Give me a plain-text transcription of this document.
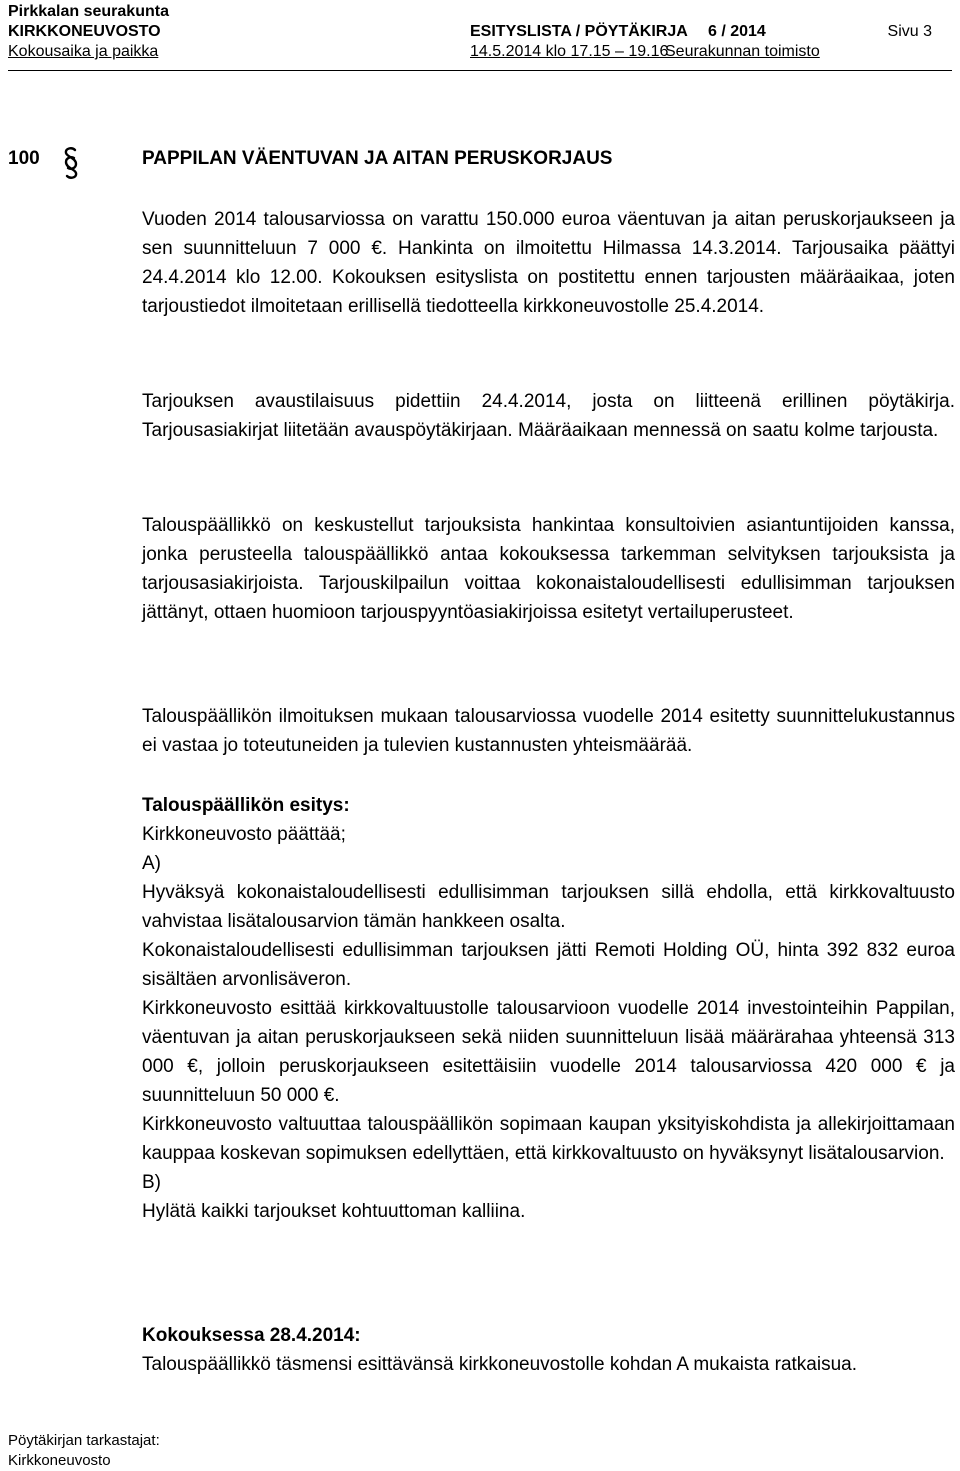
Pirkkalan seurakunta
KIRKKONEUVOSTO	ESITYSLISTA / PÖYTÄKIRJA 6 / 2014	Sivu 3
Kokousaika ja paikka	14.5.2014 klo 17.15 – 19.16
Seurakunnan toimisto
100	PAPPILAN VÄENTUVAN JA AITAN PERUSKORJAUS

Vuoden 2014 talousarviossa on varattu 150.000 euroa väentuvan ja aitan peruskorjaukseen ja sen suunnitteluun 7 000 €. Hankinta on ilmoitettu Hilmassa 14.3.2014. Tarjousaika päättyi 24.4.2014 klo 12.00. Kokouksen esityslista on postitettu ennen tarjousten määräaikaa, joten tarjoustiedot ilmoitetaan erillisellä tiedotteella kirkkoneuvostolle 25.4.2014.

Tarjouksen avaustilaisuus pidettiin 24.4.2014, josta on liitteenä erillinen pöytäkirja. Tarjousasiakirjat liitetään avauspöytäkirjaan. Määräaikaan mennessä on saatu kolme tarjousta.

Talouspäällikkö on keskustellut tarjouksista hankintaa konsultoivien asiantuntijoiden kanssa, jonka perusteella talouspäällikkö antaa kokouksessa tarkemman selvityksen tarjouksista ja tarjousasiakirjoista. Tarjouskilpailun voittaa kokonaistaloudellisesti edullisimman tarjouksen jättänyt, ottaen huomioon tarjouspyyntöasiakirjoissa esitetyt vertailuperusteet.

Talouspäällikön ilmoituksen mukaan talousarviossa vuodelle 2014 esitetty suunnittelukustannus ei vastaa jo toteutuneiden ja tulevien kustannusten yhteismäärää.

Talouspäällikön esitys:

Kirkkoneuvosto päättää;

A)

Hyväksyä kokonaistaloudellisesti edullisimman tarjouksen sillä ehdolla, että kirkkovaltuusto vahvistaa lisätalousarvion tämän hankkeen osalta.

Kokonaistaloudellisesti edullisimman tarjouksen jätti Remoti Holding OÜ, hinta 392 832 euroa sisältäen arvonlisäveron.

Kirkkoneuvosto esittää kirkkovaltuustolle talousarvioon vuodelle 2014 investointeihin Pappilan, väentuvan ja aitan peruskorjaukseen sekä niiden suunnitteluun lisää määrärahaa yhteensä 313 000 €, jolloin peruskorjaukseen esitettäisiin vuodelle 2014 talousarviossa 420 000 € ja suunnitteluun 50 000 €.

Kirkkoneuvosto valtuuttaa talouspäällikön sopimaan kaupan yksityiskohdista ja allekirjoittamaan kauppaa koskevan sopimuksen edellyttäen, että kirkkovaltuusto on hyväksynyt lisätalousarvion.

B)

Hylätä kaikki tarjoukset kohtuuttoman kalliina.

Kokouksessa 28.4.2014:

Talouspäällikkö täsmensi esittävänsä kirkkoneuvostolle kohdan A mukaista ratkaisua.

Pöytäkirjan tarkastajat:
Kirkkoneuvosto
